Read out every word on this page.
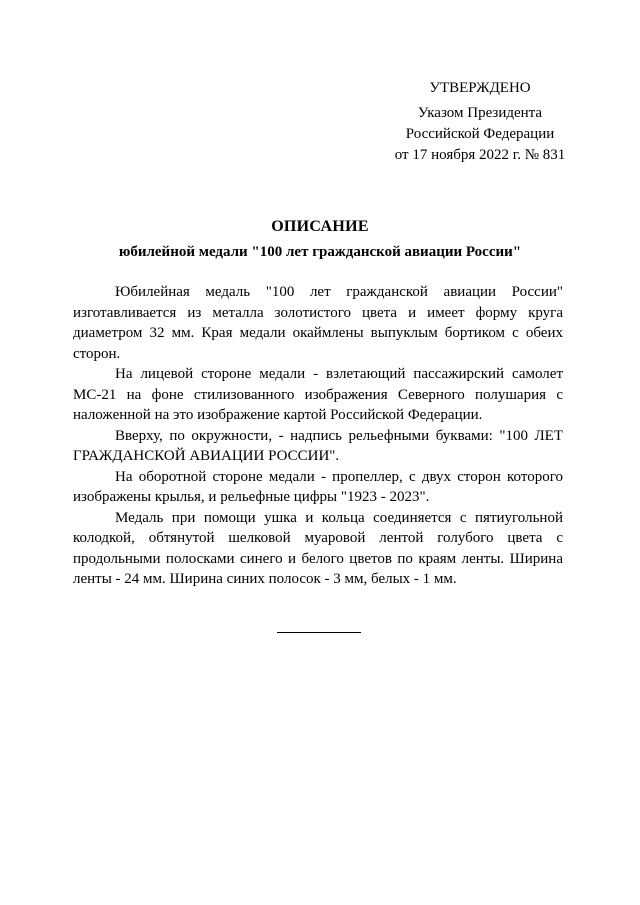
УТВЕРЖДЕНО
Указом Президента
Российской Федерации
от 17 ноября 2022 г. № 831
ОПИСАНИЕ
юбилейной медали "100 лет гражданской авиации России"

Юбилейная медаль "100 лет гражданской авиации России" изготавливается из металла золотистого цвета и имеет форму круга диаметром 32 мм. Края медали окаймлены выпуклым бортиком с обеих сторон.

На лицевой стороне медали - взлетающий пассажирский самолет МС-21 на фоне стилизованного изображения Северного полушария с наложенной на это изображение картой Российской Федерации.

Вверху, по окружности, - надпись рельефными буквами: "100 ЛЕТ ГРАЖДАНСКОЙ АВИАЦИИ РОССИИ".

На оборотной стороне медали - пропеллер, с двух сторон которого изображены крылья, и рельефные цифры "1923 - 2023".

Медаль при помощи ушка и кольца соединяется с пятиугольной колодкой, обтянутой шелковой муаровой лентой голубого цвета с продольными полосками синего и белого цветов по краям ленты. Ширина ленты - 24 мм. Ширина синих полосок - 3 мм, белых - 1 мм.
